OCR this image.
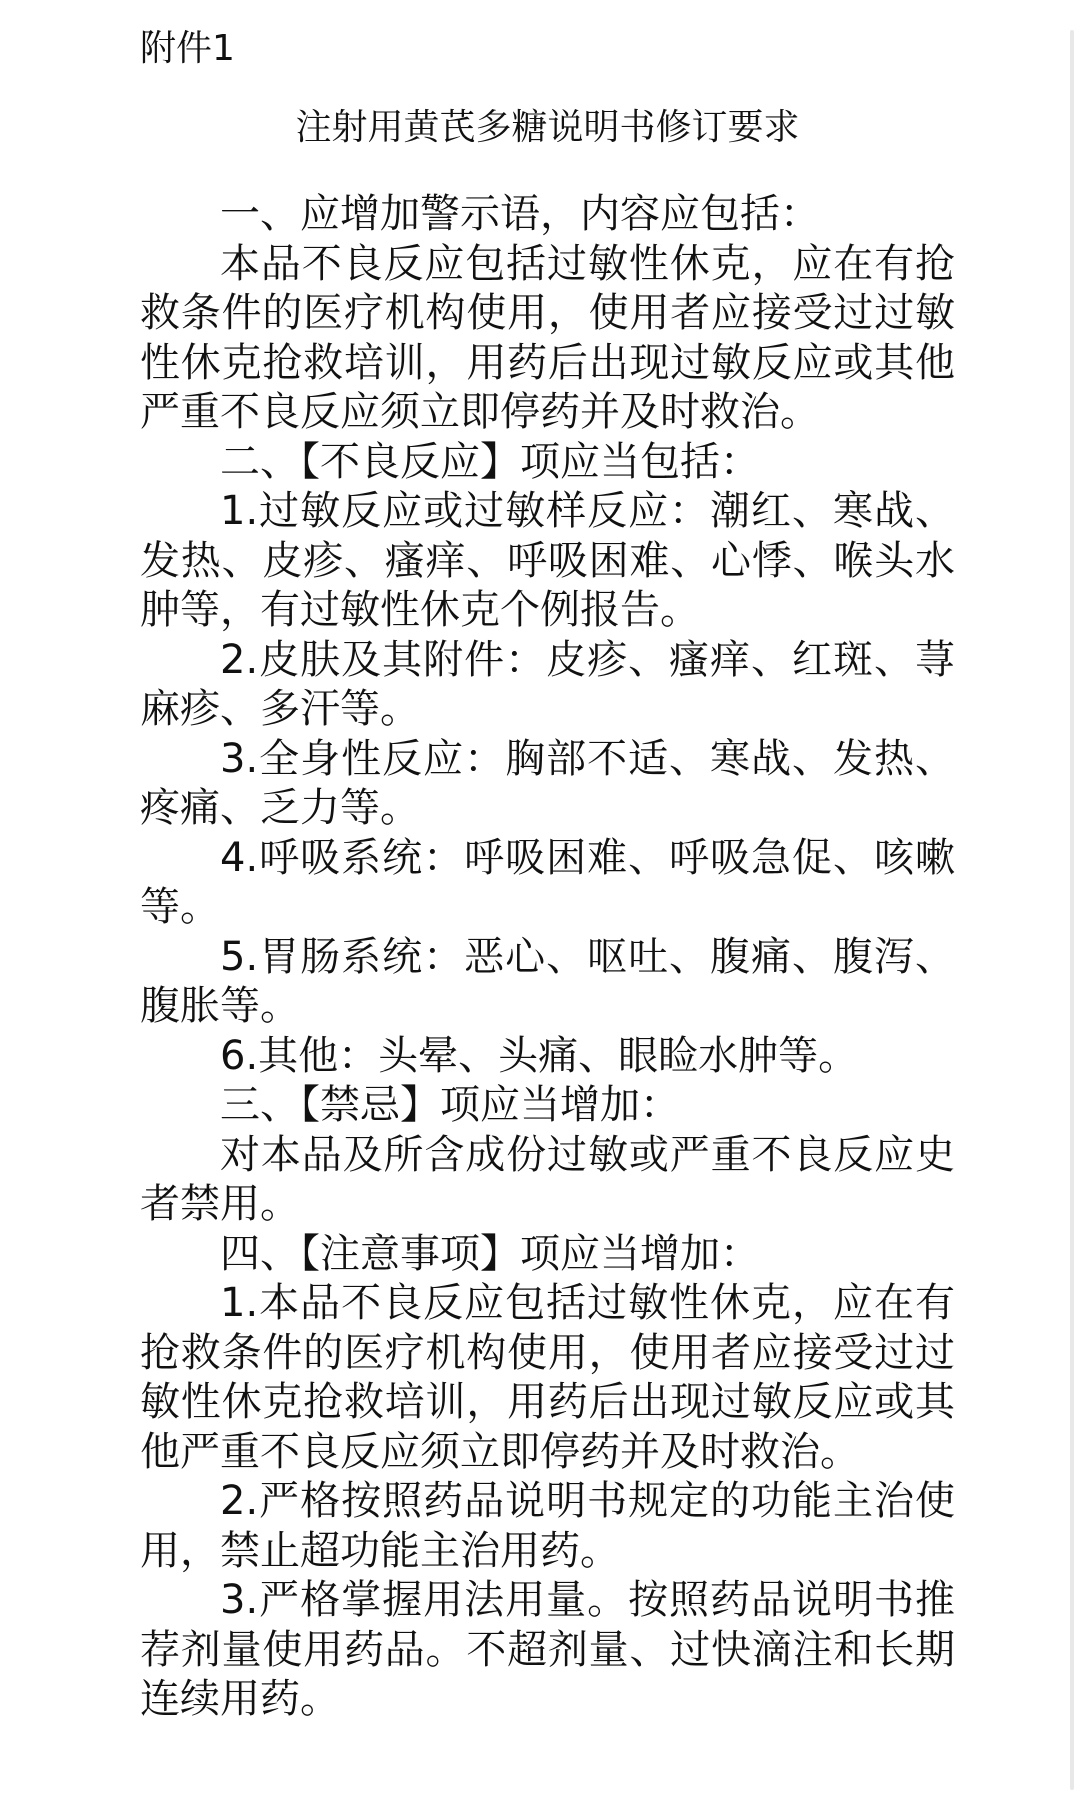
附件1
注射用黄芪多糖说明书修订要求

一、应增加警示语，内容应包括：

本品不良反应包括过敏性休克，应在有抢救条件的医疗机构使用，使用者应接受过过敏性休克抢救培训，用药后出现过敏反应或其他严重不良反应须立即停药并及时救治。

二、【不良反应】项应当包括：

1.过敏反应或过敏样反应：潮红、寒战、发热、皮疹、瘙痒、呼吸困难、心悸、喉头水肿等，有过敏性休克个例报告。

2.皮肤及其附件：皮疹、瘙痒、红斑、荨麻疹、多汗等。

3.全身性反应：胸部不适、寒战、发热、疼痛、乏力等。

4.呼吸系统：呼吸困难、呼吸急促、咳嗽等。

5.胃肠系统：恶心、呕吐、腹痛、腹泻、腹胀等。

6.其他：头晕、头痛、眼睑水肿等。

三、【禁忌】项应当增加：

对本品及所含成份过敏或严重不良反应史者禁用。

四、【注意事项】项应当增加：

1.本品不良反应包括过敏性休克，应在有抢救条件的医疗机构使用，使用者应接受过过敏性休克抢救培训，用药后出现过敏反应或其他严重不良反应须立即停药并及时救治。

2.严格按照药品说明书规定的功能主治使用，禁止超功能主治用药。

3.严格掌握用法用量。按照药品说明书推荐剂量使用药品。不超剂量、过快滴注和长期连续用药。
